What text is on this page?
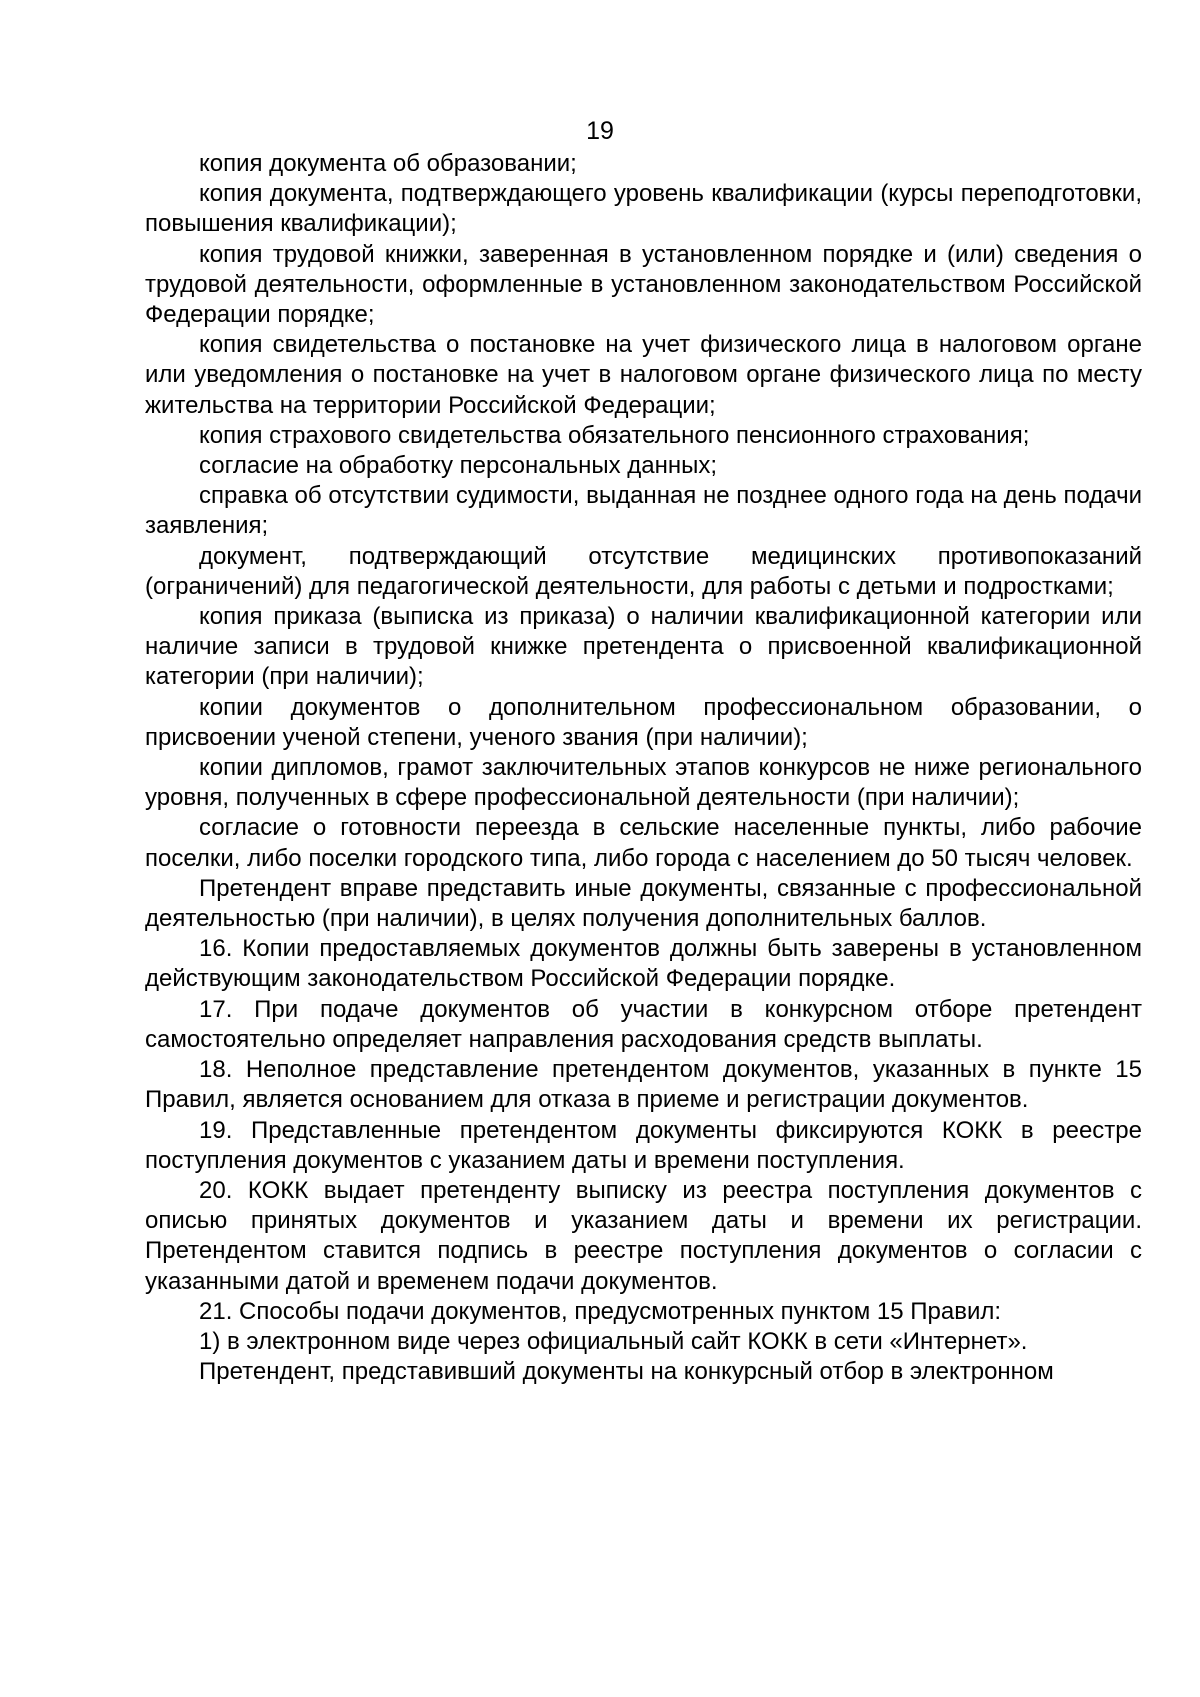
19

копия документа об образовании;

копия документа, подтверждающего уровень квалификации (курсы переподготовки, повышения квалификации);

копия трудовой книжки, заверенная в установленном порядке и (или) сведения о трудовой деятельности, оформленные в установленном законодательством Российской Федерации порядке;

копия свидетельства о постановке на учет физического лица в налоговом органе или уведомления о постановке на учет в налоговом органе физического лица по месту жительства на территории Российской Федерации;

копия страхового свидетельства обязательного пенсионного страхования;

согласие на обработку персональных данных;

справка об отсутствии судимости, выданная не позднее одного года на день подачи заявления;

документ, подтверждающий отсутствие медицинских противопоказаний (ограничений) для педагогической деятельности, для работы с детьми и подростками;

копия приказа (выписка из приказа) о наличии квалификационной категории или наличие записи в трудовой книжке претендента о присвоенной квалификационной категории (при наличии);

копии документов о дополнительном профессиональном образовании, о присвоении ученой степени, ученого звания (при наличии);

копии дипломов, грамот заключительных этапов конкурсов не ниже регионального уровня, полученных в сфере профессиональной деятельности (при наличии);

согласие о готовности переезда в сельские населенные пункты, либо рабочие поселки, либо поселки городского типа, либо города с населением до 50 тысяч человек.

Претендент вправе представить иные документы, связанные с профессиональной деятельностью (при наличии), в целях получения дополнительных баллов.

16. Копии предоставляемых документов должны быть заверены в установленном действующим законодательством Российской Федерации порядке.

17. При подаче документов об участии в конкурсном отборе претендент самостоятельно определяет направления расходования средств выплаты.

18. Неполное представление претендентом документов, указанных в пункте 15 Правил, является основанием для отказа в приеме и регистрации документов.

19. Представленные претендентом документы фиксируются КОКК в реестре поступления документов с указанием даты и времени поступления.

20. КОКК выдает претенденту выписку из реестра поступления документов с описью принятых документов и указанием даты и времени их регистрации. Претендентом ставится подпись в реестре поступления документов о согласии с указанными датой и временем подачи документов.

21. Способы подачи документов, предусмотренных пунктом 15 Правил:

1) в электронном виде через официальный сайт КОКК в сети «Интернет».

Претендент, представивший документы на конкурсный отбор в электронном
